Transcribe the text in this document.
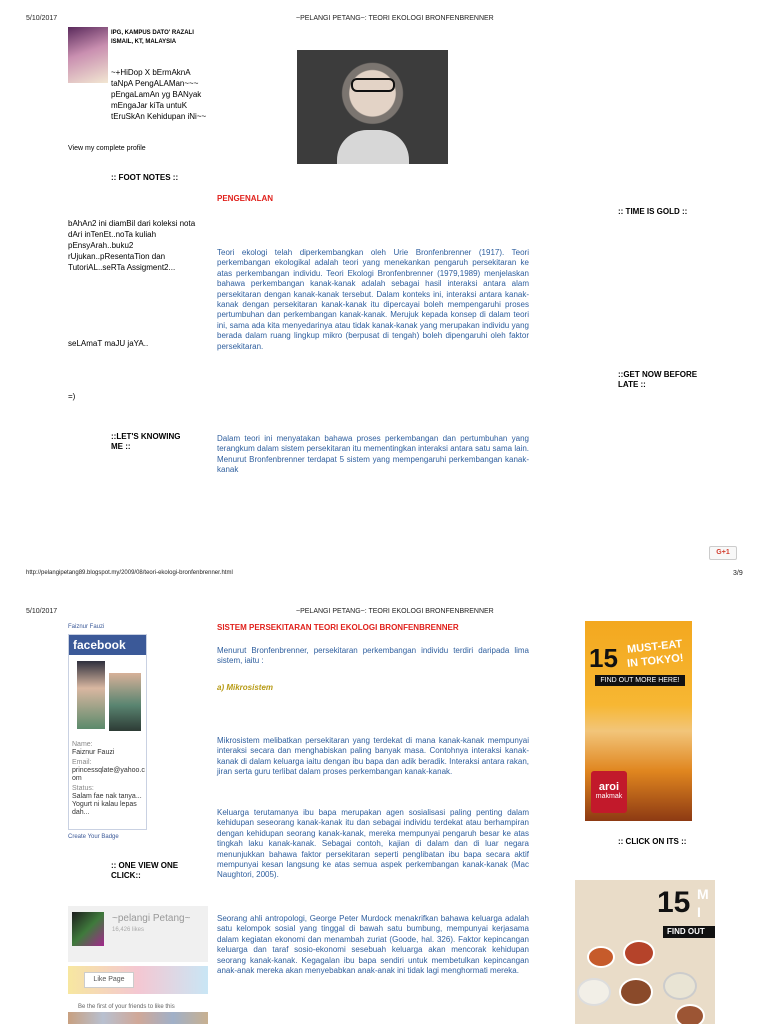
5/10/2017	~PELANGI PETANG~: TEORI EKOLOGI BRONFENBRENNER
IPG, KAMPUS DATO' RAZALI ISMAIL, KT, MALAYSIA
~+HiDop X bErmAknA taNpA PengALAMan~~~ pEngaLamAn yg BANyak mEngaJar kiTa untuK tEruSkAn Kehidupan iNi~~
View my complete profile
:: FOOT NOTES ::
PENGENALAN
bAhAn2 ini diamBil dari koleksi nota dAri inTenEt..noTa kuliah pEnsyArah..buku2 rUjukan..pResentaTion dan TutoriAL..seRTa Assigment2...
:: TIME IS GOLD ::
Teori ekologi telah diperkembangkan oleh Urie Bronfenbrenner (1917). Teori perkembangan ekologikal adalah teori yang menekankan pengaruh persekitaran ke atas perkembangan individu. Teori Ekologi Bronfenbrenner (1979,1989) menjelaskan bahawa perkembangan kanak-kanak adalah sebagai hasil interaksi antara alam persekitaran dengan kanak-kanak tersebut. Dalam konteks ini, interaksi antara kanak-kanak dengan persekitaran kanak-kanak itu dipercayai boleh mempengaruhi proses pertumbuhan dan perkembangan kanak-kanak. Merujuk kepada konsep di dalam teori ini, sama ada kita menyedarinya atau tidak kanak-kanak yang merupakan individu yang berada dalam ruang lingkup mikro (berpusat di tengah) boleh dipengaruhi oleh faktor persekitaran.
seLAmaT maJU jaYA..
::GET NOW BEFORE LATE ::
=)
::LET'S KNOWING ME ::
Dalam teori ini menyatakan bahawa proses perkembangan dan pertumbuhan yang terangkum dalam sistem persekitaran itu mementingkan interaksi antara satu sama lain. Menurut Bronfenbrenner terdapat 5 sistem yang mempengaruhi perkembangan kanak-kanak
G+1
http://pelangipetang89.blogspot.my/2009/08/teori-ekologi-bronfenbrenner.html	3/9
5/10/2017	~PELANGI PETANG~: TEORI EKOLOGI BRONFENBRENNER
Faiznur Fauzi
facebook
Name:
Faiznur Fauzi
Email:
princessqlate@yahoo.com
Status:
Salam fae nak tanya... Yogurt ni kalau lepas dah...
Create Your Badge
:: ONE VIEW ONE CLICK::
~pelangi Petang~
16,426 likes
Like Page
Be the first of your friends to like this
SISTEM PERSEKITARAN TEORI EKOLOGI BRONFENBRENNER
Menurut Bronfenbrenner, persekitaran perkembangan individu terdiri daripada lima sistem, iaitu :
a) Mikrosistem
Mikrosistem melibatkan persekitaran yang terdekat di mana kanak-kanak mempunyai interaksi secara dan menghabiskan paling banyak masa. Contohnya interaksi kanak-kanak di dalam keluarga iaitu dengan ibu bapa dan adik beradik. Interaksi antara rakan, jiran serta guru terlibat dalam proses perkembangan kanak-kanak.
Keluarga terutamanya ibu bapa merupakan agen sosialisasi paling penting dalam kehidupan seseorang kanak-kanak itu dan sebagai individu terdekat atau berhampiran dengan kehidupan seorang kanak-kanak, mereka mempunyai pengaruh besar ke atas tingkah laku kanak-kanak. Sebagai contoh, kajian di dalam dan di luar negara menunjukkan bahawa faktor persekitaran seperti penglibatan ibu bapa secara aktif mempunyai kesan langsung ke atas semua aspek perkembangan kanak-kanak (Mac Naughtori, 2005).
Seorang ahli antropologi, George Peter Murdock menakrifkan bahawa keluarga adalah satu kelompok sosial yang tinggal di bawah satu bumbung, mempunyai kerjasama dalam kegiatan ekonomi dan menambah zuriat (Goode, hal. 326). Faktor kepincangan keluarga dan taraf sosio-ekonomi sesebuah keluarga akan mencorak kehidupan seorang kanak-kanak. Kegagalan ibu bapa sendiri untuk membetulkan kepincangan anak-anak mereka akan menyebabkan anak-anak ini tidak lagi menghormati mereka.
15 MUST-EAT
IN TOKYO!
FIND OUT MORE HERE!
aroi
makmak
:: CLICK ON ITS ::
15 M
I
FIND OUT
